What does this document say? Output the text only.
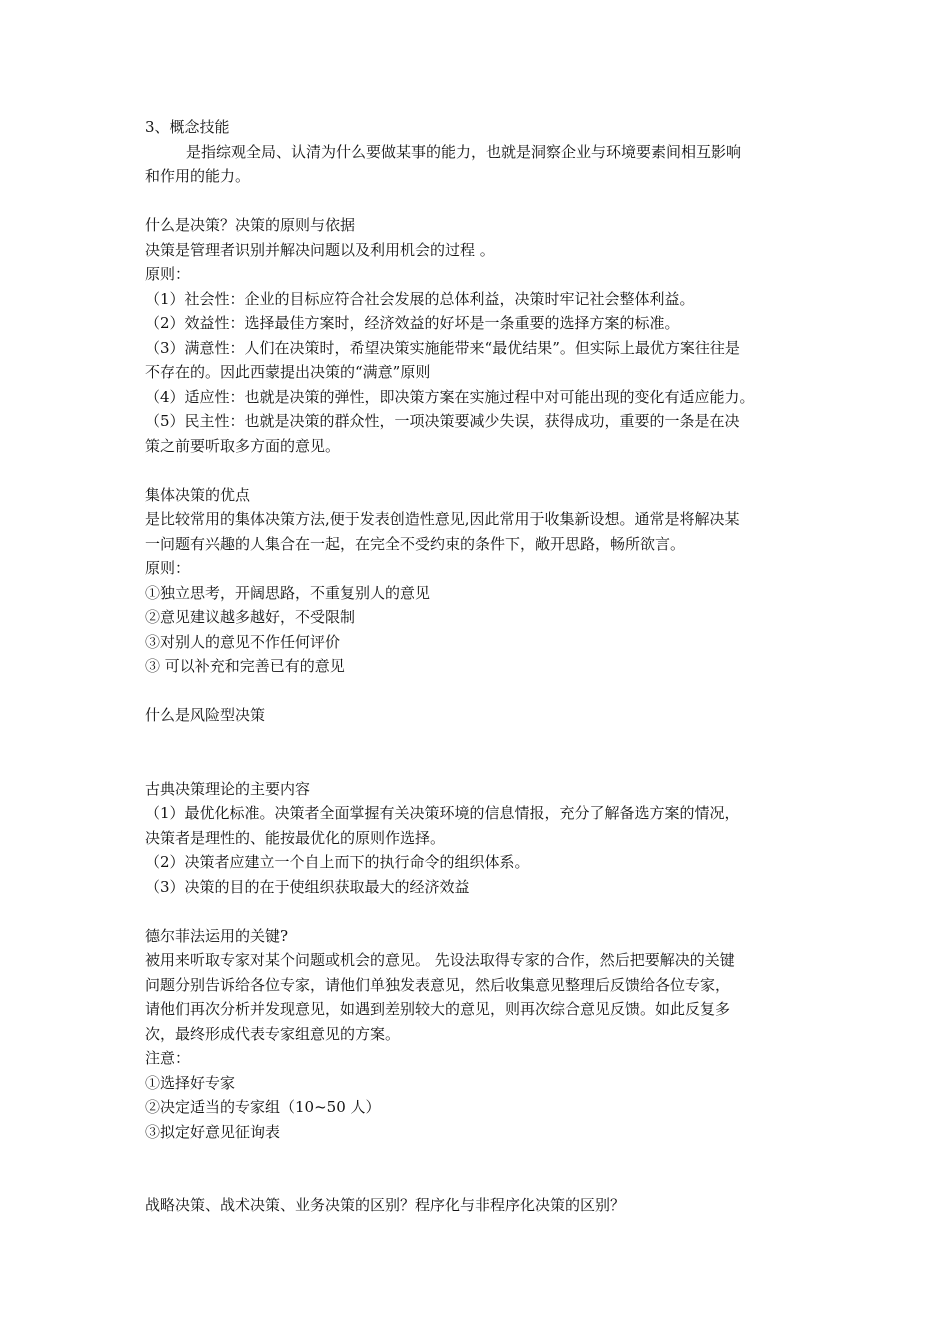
3、概念技能
是指综观全局、认清为什么要做某事的能力，也就是洞察企业与环境要素间相互影响
和作用的能力。
什么是决策？决策的原则与依据
决策是管理者识别并解决问题以及利用机会的过程 。
原则：
（1）社会性：企业的目标应符合社会发展的总体利益，决策时牢记社会整体利益。
（2）效益性：选择最佳方案时，经济效益的好坏是一条重要的选择方案的标准。
（3）满意性：人们在决策时，希望决策实施能带来“最优结果”。但实际上最优方案往往是
不存在的。因此西蒙提出决策的“满意”原则
（4）适应性：也就是决策的弹性，即决策方案在实施过程中对可能出现的变化有适应能力。
（5）民主性：也就是决策的群众性，一项决策要减少失误，获得成功，重要的一条是在决
策之前要听取多方面的意见。
集体决策的优点
是比较常用的集体决策方法,便于发表创造性意见,因此常用于收集新设想。通常是将解决某
一问题有兴趣的人集合在一起，在完全不受约束的条件下，敞开思路，畅所欲言。
原则：
①独立思考，开阔思路，不重复别人的意见
②意见建议越多越好，不受限制
③对别人的意见不作任何评价
③ 可以补充和完善已有的意见
什么是风险型决策
古典决策理论的主要内容
（1）最优化标准。决策者全面掌握有关决策环境的信息情报，充分了解备选方案的情况，
决策者是理性的、能按最优化的原则作选择。
（2）决策者应建立一个自上而下的执行命令的组织体系。
（3）决策的目的在于使组织获取最大的经济效益
德尔菲法运用的关键?
被用来听取专家对某个问题或机会的意见。 先设法取得专家的合作，然后把要解决的关键
问题分别告诉给各位专家，请他们单独发表意见，然后收集意见整理后反馈给各位专家，
请他们再次分析并发现意见，如遇到差别较大的意见，则再次综合意见反馈。如此反复多
次，最终形成代表专家组意见的方案。
注意：
①选择好专家
②决定适当的专家组（10~50 人）
③拟定好意见征询表
战略决策、战术决策、业务决策的区别？程序化与非程序化决策的区别？
